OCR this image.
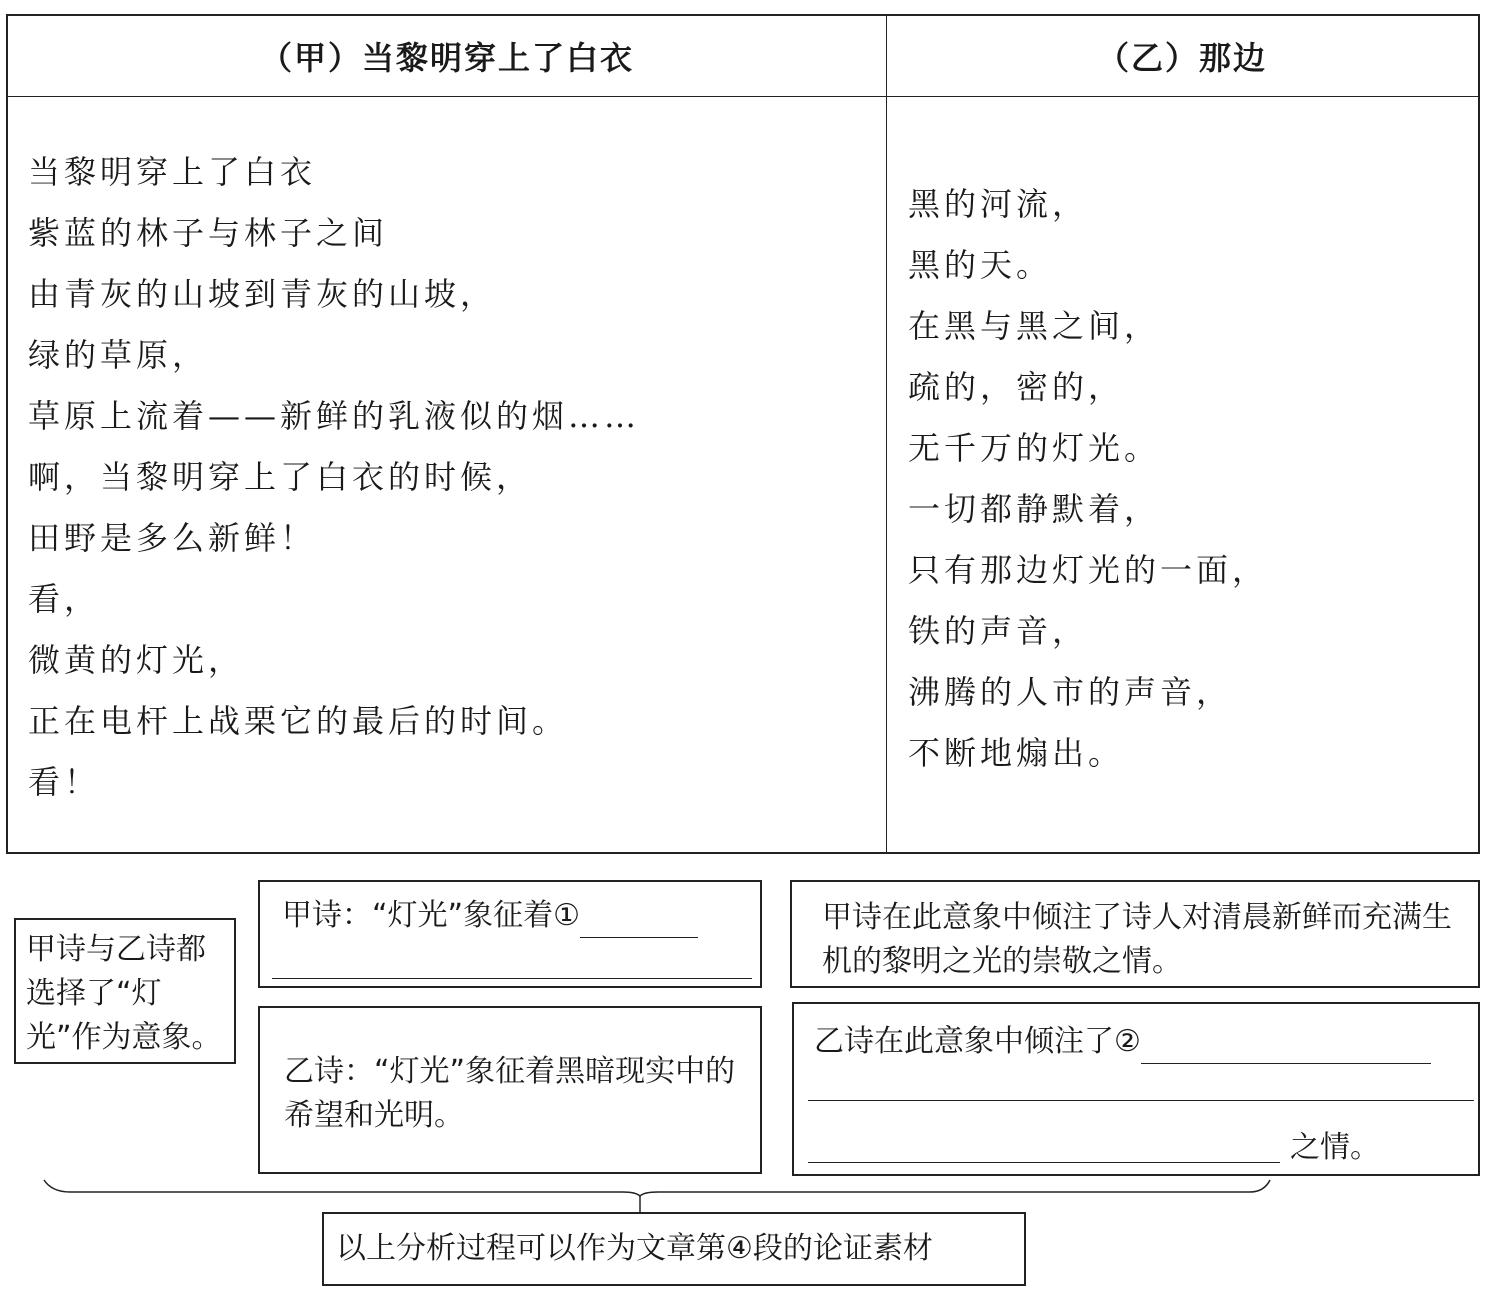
（甲）当黎明穿上了白衣	（乙）那边
当黎明穿上了白衣
紫蓝的林子与林子之间
由青灰的山坡到青灰的山坡，
绿的草原，
草原上流着——新鲜的乳液似的烟……
啊，当黎明穿上了白衣的时候，
田野是多么新鲜！
看，
微黄的灯光，
正在电杆上战栗它的最后的时间。
看！
黑的河流，
黑的天。
在黑与黑之间，
疏的，密的，
无千万的灯光。
一切都静默着，
只有那边灯光的一面，
铁的声音，
沸腾的人市的声音，
不断地煽出。
甲诗与乙诗都选择了“灯光”作为意象。
甲诗：“灯光”象征着①
乙诗：“灯光”象征着黑暗现实中的希望和光明。
甲诗在此意象中倾注了诗人对清晨新鲜而充满生机的黎明之光的崇敬之情。
乙诗在此意象中倾注了②
之情。
以上分析过程可以作为文章第④段的论证素材
